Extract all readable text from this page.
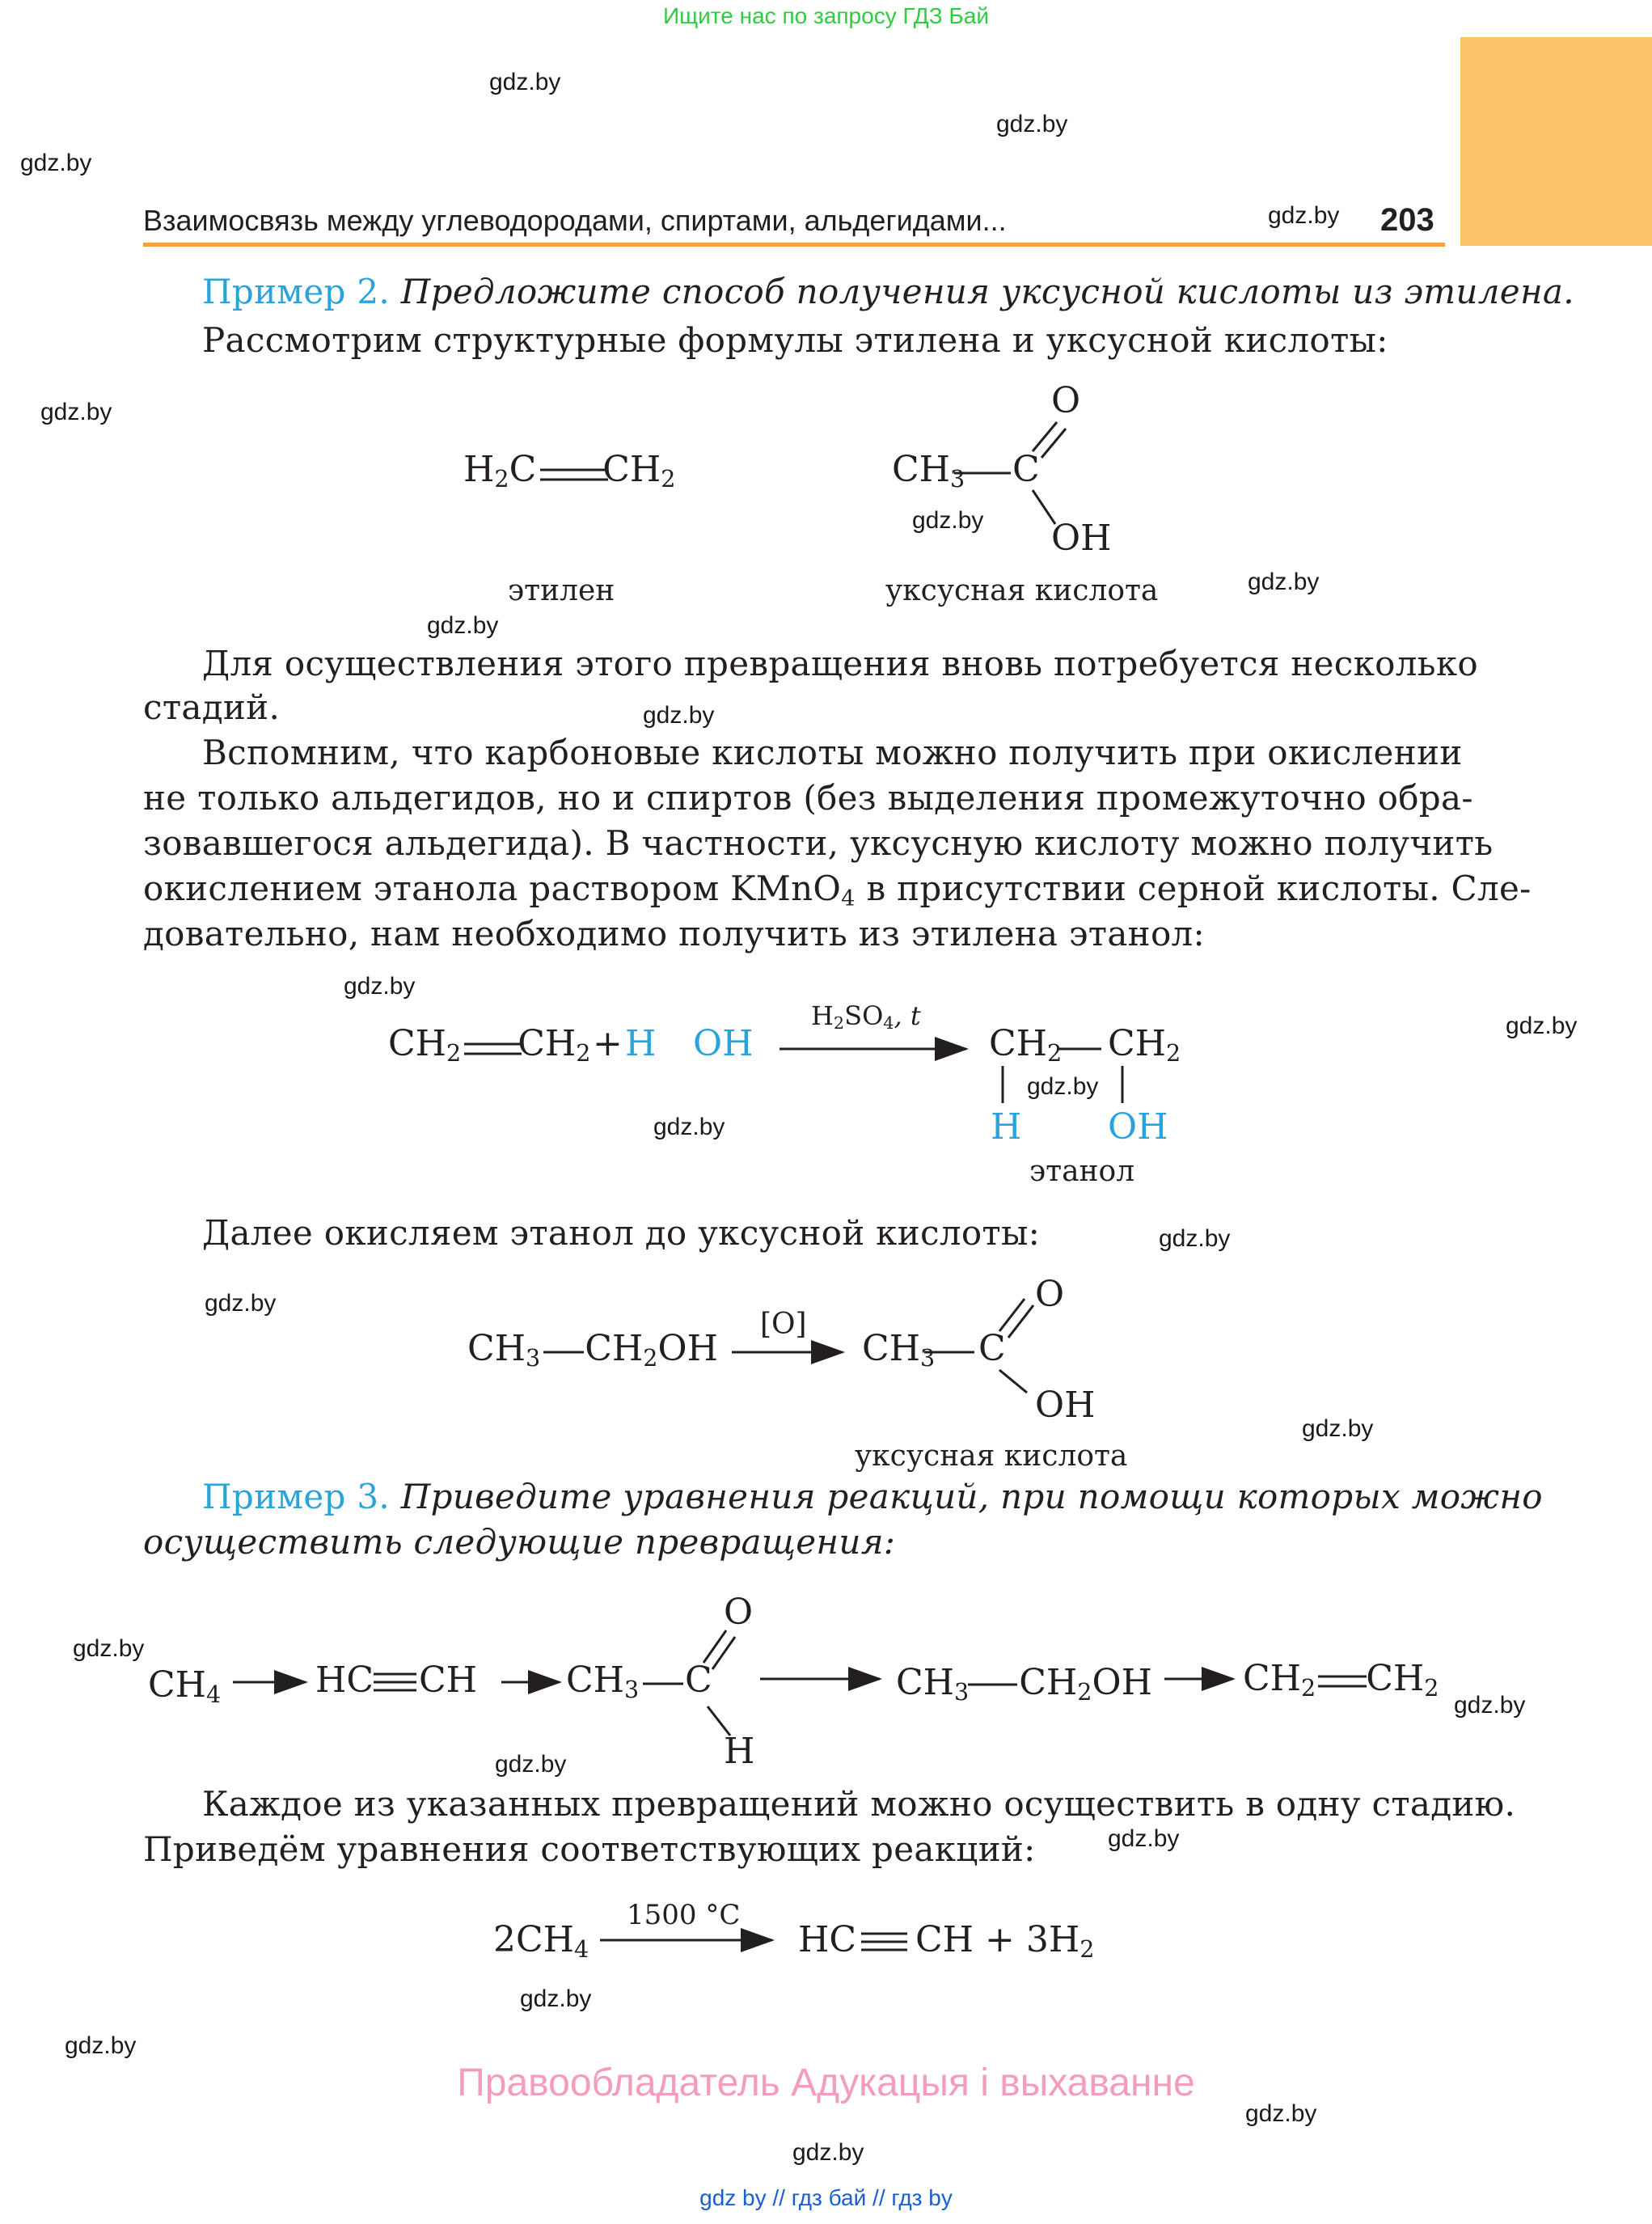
Ищите нас по запросу ГДЗ Бай
gdz.by
gdz.by
gdz.by
gdz.by
gdz.by
gdz.by
gdz.by
gdz.by
gdz.by
gdz.by
gdz.by
gdz.by
gdz.by
gdz.by
gdz.by
gdz.by
gdz.by
gdz.by
gdz.by
gdz.by
gdz.by
gdz.by
gdz.by
gdz.by
Взаимосвязь между углеводородами, спиртами, альдегидами...	203
Пример 2. Предложите способ получения уксусной кислоты из этилена.
Рассмотрим структурные формулы этилена и уксусной кислоты:
$H_2C$ $CH_2$
этилен
$CH_3$ C
O
OH
уксусная кислота
Для осуществления этого превращения вновь потребуется несколько
стадий.
Вспомним, что карбоновые кислоты можно получить при окислении
не только альдегидов, но и спиртов (без выделения промежуточно обра-
зовавшегося альдегида). В частности, уксусную кислоту можно получить
окислением этанола раствором KMnO$_4$ в присутствии серной кислоты. Сле-
довательно, нам необходимо получить из этилена этанол:
$CH_2$ $CH_2 + H$ OH
$H_2SO_4$, t
$CH_2$ $CH_2$
H OH
этанол
Далее окисляем этанол до уксусной кислоты:
$CH_3$ $CH_2OH$
[O]
$CH_3$ C
O
OH
уксусная кислота
Пример 3. Приведите уравнения реакций, при помощи которых можно
осуществить следующие превращения:
$CH_4$	HC CH $CH_3$ C
O
H
$CH_3$ $CH_2OH$	$CH_2$ $CH_2$
Каждое из указанных превращений можно осуществить в одну стадию.
Приведём уравнения соответствующих реакций:
$2CH_4$
1500 °C
HC CH + $3H_2$
Правообладатель Адукацыя і выхаванне
gdz by // гдз бай // гдз by
